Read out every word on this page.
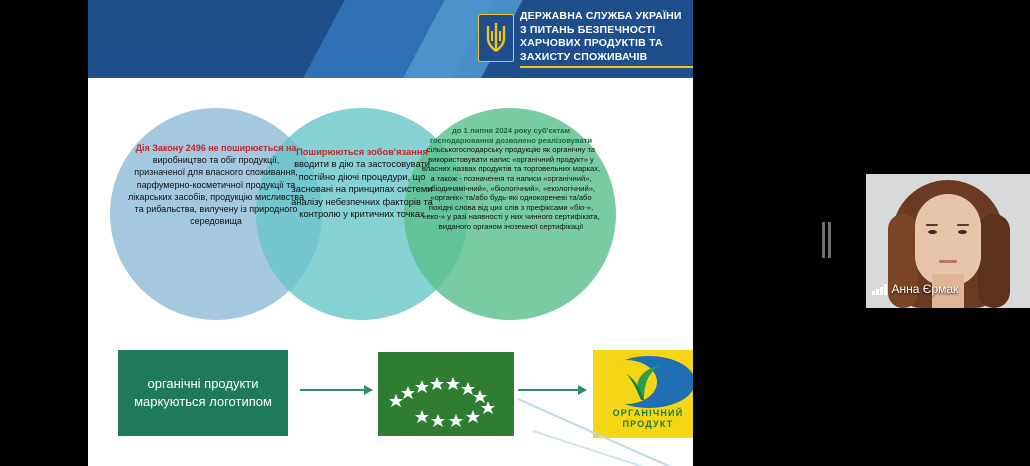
ДЕРЖАВНА СЛУЖБА УКРАЇНИ
З ПИТАНЬ БЕЗПЕЧНОСТІ
ХАРЧОВИХ ПРОДУКТІВ ТА
ЗАХИСТУ СПОЖИВАЧІВ
Дія Закону 2496 не поширюється на
виробництво та обіг продукції, призначеної для власного споживання, парфумерно-косметичної продукції та лікарських засобів, продукцію мисливства та рибальства, вилучену із природного середовища
Поширюються зобов'язання
вводити в дію та застосовувати постійно діючі процедури, що засновані на принципах системи аналізу небезпечних факторів та контролю у критичних точках
до 1 липня 2024 року суб'єктам господарювання дозволено реалізовувати
сільськогосподарську продукцію як органічну та використовувати напис «органічний продукт» у власних назвах продуктів та торговельних марках, а також - позначення та написи «органічний», «біодинамічний», «біологічний», «екологічний», «органік» та/або будь-які однокореневі та/або похідні слова від цих слів з префіксами «біо-», «еко-» у разі наявності у них чинного сертифіката, виданого органом іноземної сертифікації
органічні продукти маркуються логотипом
ОРГАНІЧНИЙ
ПРОДУКТ
Анна Єрмак
